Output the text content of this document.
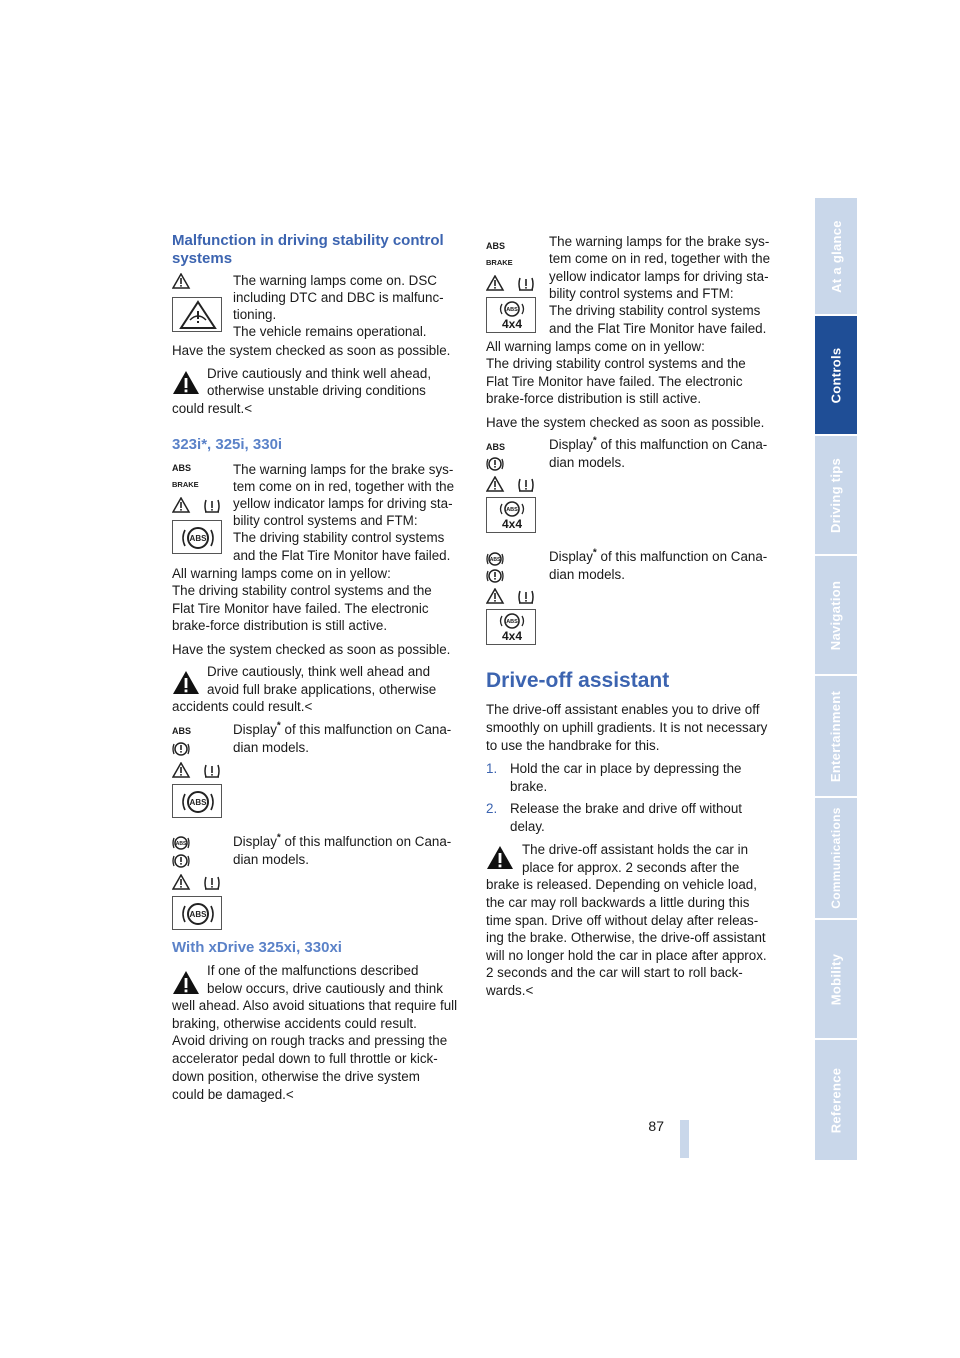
At a glance
Controls
Driving tips
Navigation
Entertainment
Communications
Mobility
Reference
87
Malfunction in driving stability control systems
The warning lamps come on. DSC
including DTC and DBC is malfunc-
tioning.
The vehicle remains operational.
Have the system checked as soon as possible.
Drive cautiously and think well ahead,
otherwise unstable driving conditions
could result.<
323i*, 325i, 330i
ABS
BRAKE
ABS
The warning lamps for the brake sys-
tem come on in red, together with the
yellow indicator lamps for driving sta-
bility control systems and FTM:
The driving stability control systems
and the Flat Tire Monitor have failed.
All warning lamps come on in yellow:
The driving stability control systems and the
Flat Tire Monitor have failed. The electronic
brake-force distribution is still active.
Have the system checked as soon as possible.
Drive cautiously, think well ahead and
avoid full brake applications, otherwise
accidents could result.<
ABS
ABS
Display* of this malfunction on Cana-
dian models.
ABS
Display* of this malfunction on Cana-
dian models.
With xDrive 325xi, 330xi
If one of the malfunctions described
below occurs, drive cautiously and think
well ahead. Also avoid situations that require full
braking, otherwise accidents could result.
Avoid driving on rough tracks and pressing the
accelerator pedal down to full throttle or kick-
down position, otherwise the drive system
could be damaged.<
ABS
BRAKE
ABS
4x4
The warning lamps for the brake sys-
tem come on in red, together with the
yellow indicator lamps for driving sta-
bility control systems and FTM:
The driving stability control systems
and the Flat Tire Monitor have failed.
All warning lamps come on in yellow:
The driving stability control systems and the
Flat Tire Monitor have failed. The electronic
brake-force distribution is still active.
Have the system checked as soon as possible.
ABS
ABS
4x4
Display* of this malfunction on Cana-
dian models.
ABS
4x4
Display* of this malfunction on Cana-
dian models.
Drive-off assistant
The drive-off assistant enables you to drive off
smoothly on uphill gradients. It is not necessary
to use the handbrake for this.
1. Hold the car in place by depressing the
brake.
2. Release the brake and drive off without
delay.
The drive-off assistant holds the car in
place for approx. 2 seconds after the
brake is released. Depending on vehicle load,
the car may roll backwards a little during this
time span. Drive off without delay after releas-
ing the brake. Otherwise, the drive-off assistant
will no longer hold the car in place after approx.
2 seconds and the car will start to roll back-
wards.<
